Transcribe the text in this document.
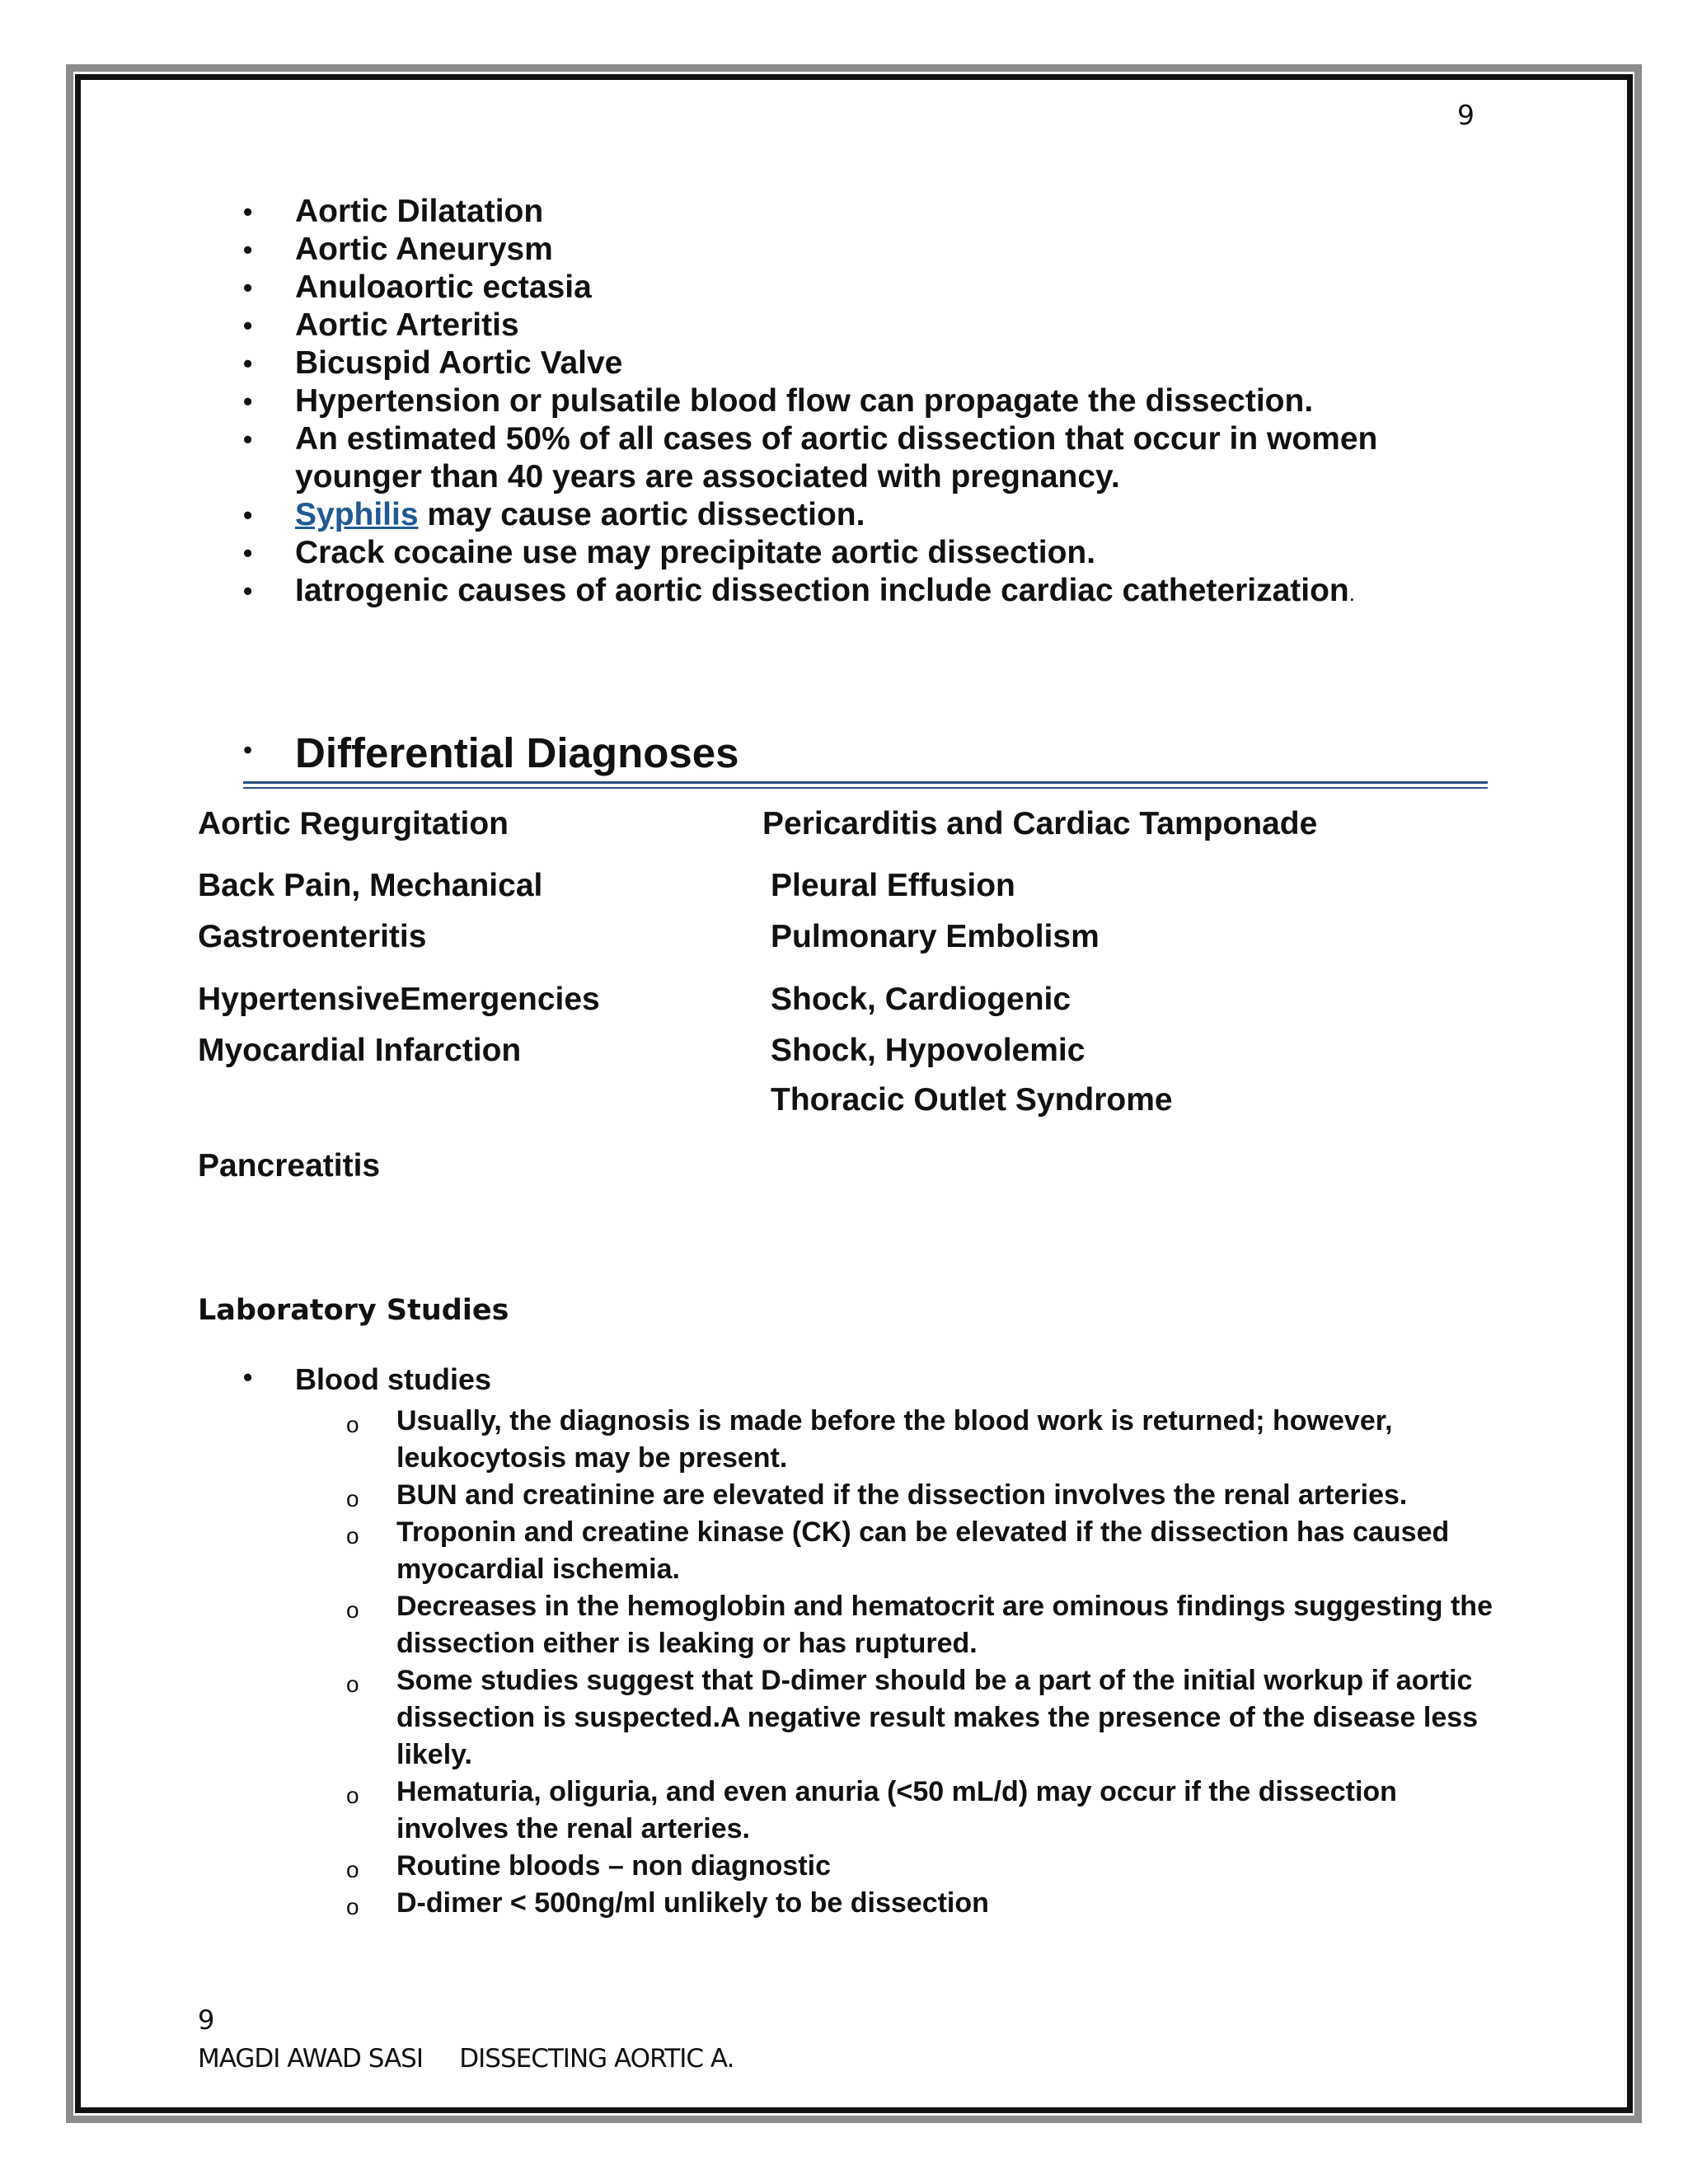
9
• Aortic Dilatation
• Aortic Aneurysm
• Anuloaortic ectasia
• Aortic Arteritis
• Bicuspid Aortic Valve
• Hypertension or pulsatile blood flow can propagate the dissection.
• An estimated 50% of all cases of aortic dissection that occur in women younger than 40 years are associated with pregnancy.
• Syphilis may cause aortic dissection.
• Crack cocaine use may precipitate aortic dissection.
• Iatrogenic causes of aortic dissection include cardiac catheterization.
• Differential Diagnoses
Aortic Regurgitation
Back Pain, Mechanical
Gastroenteritis
HypertensiveEmergencies
Myocardial Infarction
Pancreatitis
Pericarditis and Cardiac Tamponade
Pleural Effusion
Pulmonary Embolism
Shock, Cardiogenic
Shock, Hypovolemic
Thoracic Outlet Syndrome
Laboratory Studies
• Blood studies
o Usually, the diagnosis is made before the blood work is returned; however, leukocytosis may be present.
o BUN and creatinine are elevated if the dissection involves the renal arteries.
o Troponin and creatine kinase (CK) can be elevated if the dissection has caused myocardial ischemia.
o Decreases in the hemoglobin and hematocrit are ominous findings suggesting the dissection either is leaking or has ruptured.
o Some studies suggest that D-dimer should be a part of the initial workup if aortic dissection is suspected.A negative result makes the presence of the disease less likely.
o Hematuria, oliguria, and even anuria (<50 mL/d) may occur if the dissection involves the renal arteries.
o Routine bloods – non diagnostic
o D-dimer < 500ng/ml unlikely to be dissection
9
MAGDI AWAD SASI DISSECTING AORTIC A.
